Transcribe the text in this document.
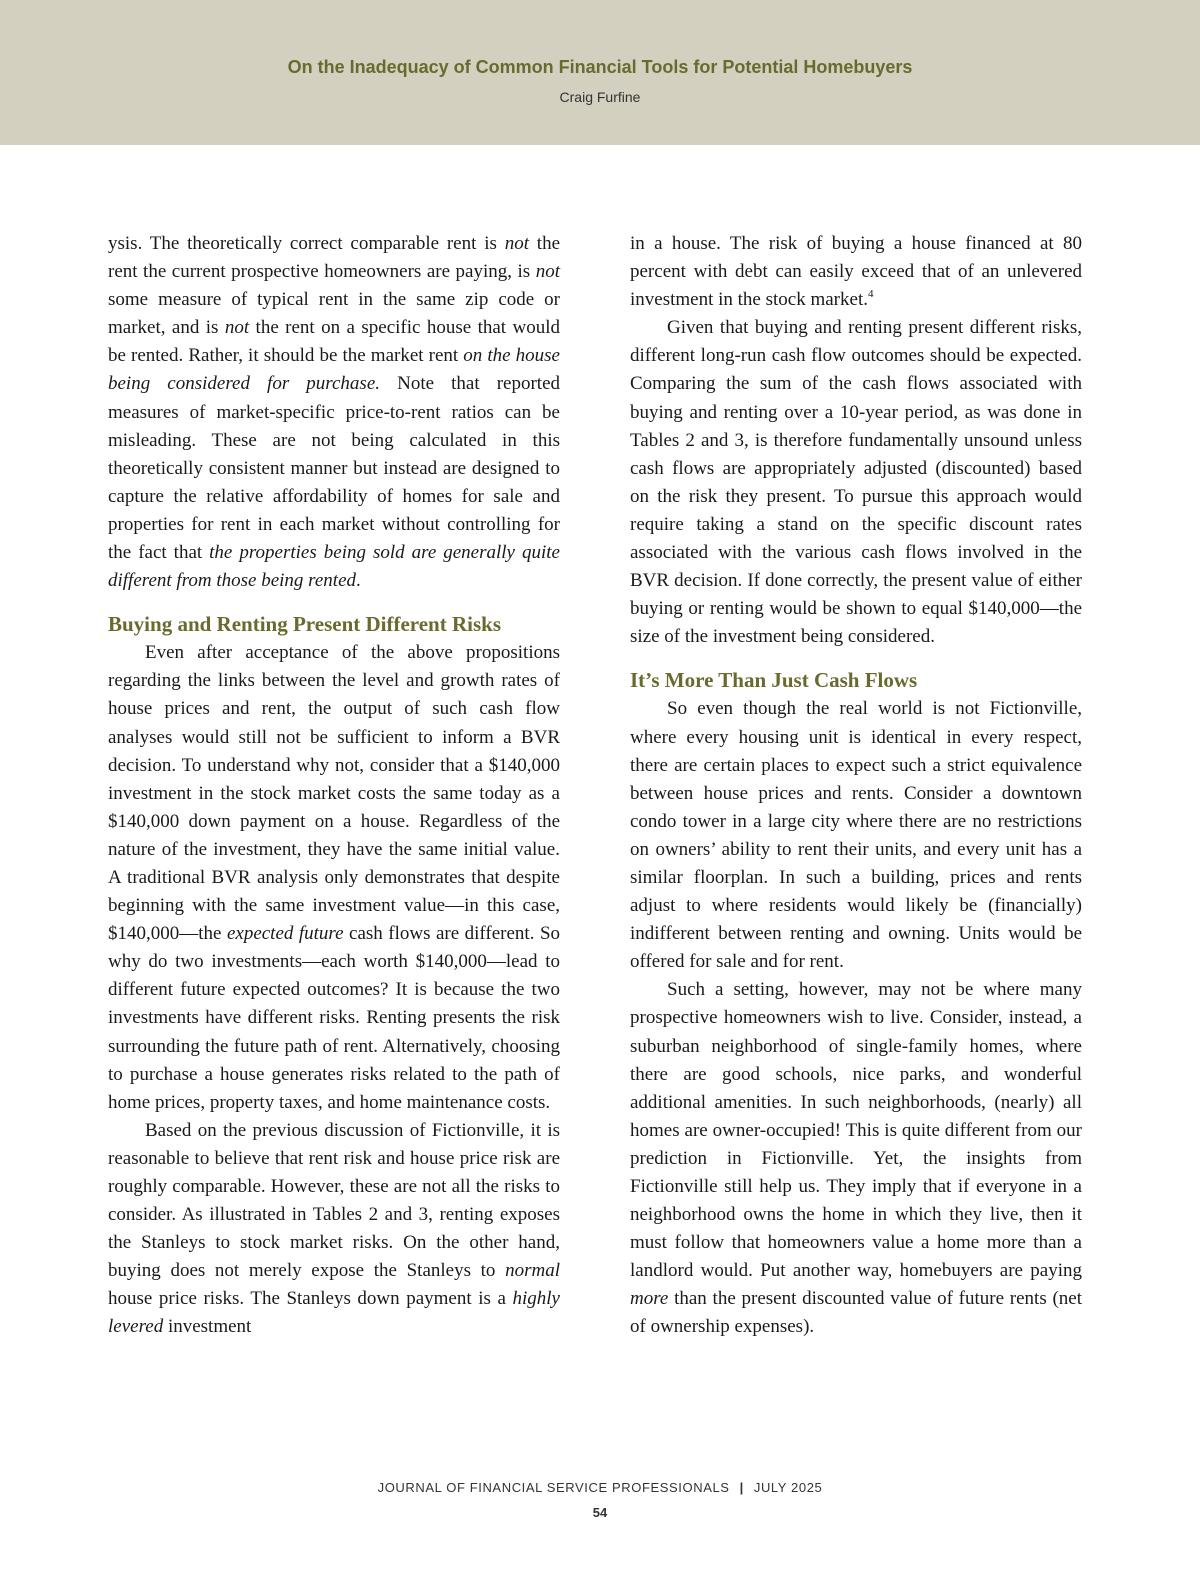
On the Inadequacy of Common Financial Tools for Potential Homebuyers
Craig Furfine

ysis. The theoretically correct comparable rent is not the rent the current prospective homeowners are paying, is not some measure of typical rent in the same zip code or market, and is not the rent on a specific house that would be rented. Rather, it should be the market rent on the house being considered for purchase. Note that reported measures of market-specific price-to-rent ratios can be misleading. These are not being calculated in this theoretically consistent manner but instead are designed to capture the relative affordability of homes for sale and properties for rent in each market without controlling for the fact that the properties being sold are generally quite different from those being rented.

Buying and Renting Present Different Risks

Even after acceptance of the above propositions regarding the links between the level and growth rates of house prices and rent, the output of such cash flow analyses would still not be sufficient to inform a BVR decision. To understand why not, consider that a $140,000 investment in the stock market costs the same today as a $140,000 down payment on a house. Regardless of the nature of the investment, they have the same initial value. A traditional BVR analysis only demonstrates that despite beginning with the same investment value—in this case, $140,000—the expected future cash flows are different. So why do two investments—each worth $140,000—lead to different future expected outcomes? It is because the two investments have different risks. Renting presents the risk surrounding the future path of rent. Alternatively, choosing to purchase a house generates risks related to the path of home prices, property taxes, and home maintenance costs.

Based on the previous discussion of Fictionville, it is reasonable to believe that rent risk and house price risk are roughly comparable. However, these are not all the risks to consider. As illustrated in Tables 2 and 3, renting exposes the Stanleys to stock market risks. On the other hand, buying does not merely expose the Stanleys to normal house price risks. The Stanleys down payment is a highly levered investment

in a house. The risk of buying a house financed at 80 percent with debt can easily exceed that of an unlevered investment in the stock market.$^4$

Given that buying and renting present different risks, different long-run cash flow outcomes should be expected. Comparing the sum of the cash flows associated with buying and renting over a 10-year period, as was done in Tables 2 and 3, is therefore fundamentally unsound unless cash flows are appropriately adjusted (discounted) based on the risk they present. To pursue this approach would require taking a stand on the specific discount rates associated with the various cash flows involved in the BVR decision. If done correctly, the present value of either buying or renting would be shown to equal $140,000—the size of the investment being considered.

It’s More Than Just Cash Flows

So even though the real world is not Fictionville, where every housing unit is identical in every respect, there are certain places to expect such a strict equivalence between house prices and rents. Consider a downtown condo tower in a large city where there are no restrictions on owners’ ability to rent their units, and every unit has a similar floorplan. In such a building, prices and rents adjust to where residents would likely be (financially) indifferent between renting and owning. Units would be offered for sale and for rent.

Such a setting, however, may not be where many prospective homeowners wish to live. Consider, instead, a suburban neighborhood of single-family homes, where there are good schools, nice parks, and wonderful additional amenities. In such neighborhoods, (nearly) all homes are owner-occupied! This is quite different from our prediction in Fictionville. Yet, the insights from Fictionville still help us. They imply that if everyone in a neighborhood owns the home in which they live, then it must follow that homeowners value a home more than a landlord would. Put another way, homebuyers are paying more than the present discounted value of future rents (net of ownership expenses).

JOURNAL OF FINANCIAL SERVICE PROFESSIONALS | JULY 2025
54
